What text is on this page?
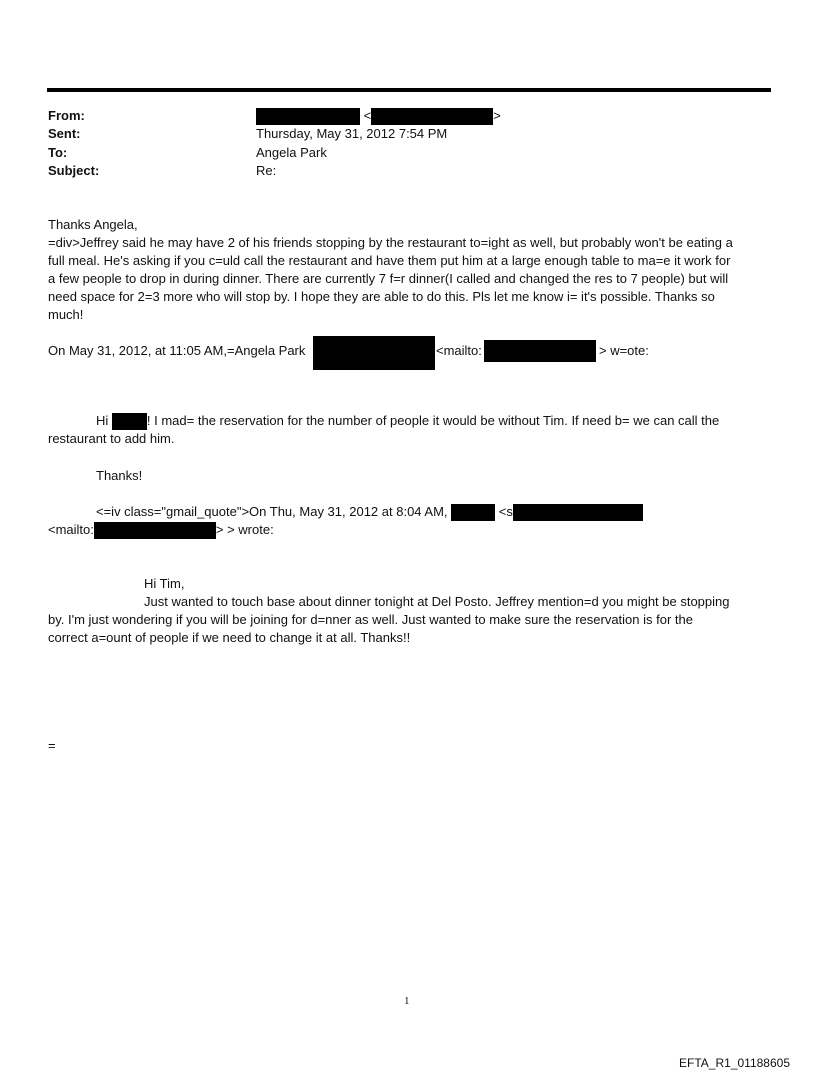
From:	<	>
Sent:	Thursday, May 31, 2012 7:54 PM
To:	Angela Park
Subject:	Re:
Thanks Angela,
=div>Jeffrey said he may have 2 of his friends stopping by the restaurant to=ight as well, but probably won't be eating a
full meal. He's asking if you c=uld call the restaurant and have them put him at a large enough table to ma=e it work for
a few people to drop in during dinner. There are currently 7 f=r dinner(I called and changed the res to 7 people) but will
need space for 2=3 more who will stop by. I hope they are able to do this. Pls let me know i= it's possible. Thanks so
much!
On May 31, 2012, at 11:05 AM,=Angela Park	<mailto:	> w=ote:
Hi	! I mad= the reservation for the number of people it would be without Tim. If need b= we can call the
restaurant to add him.
Thanks!
<=iv class="gmail_quote">On Thu, May 31, 2012 at 8:04 AM,	<s
<mailto:	> > wrote:
Hi Tim,
Just wanted to touch base about dinner tonight at Del Posto. Jeffrey mention=d you might be stopping
by. I'm just wondering if you will be joining for d=nner as well. Just wanted to make sure the reservation is for the
correct a=ount of people if we need to change it at all. Thanks!!
=
1
EFTA_R1_01188605
